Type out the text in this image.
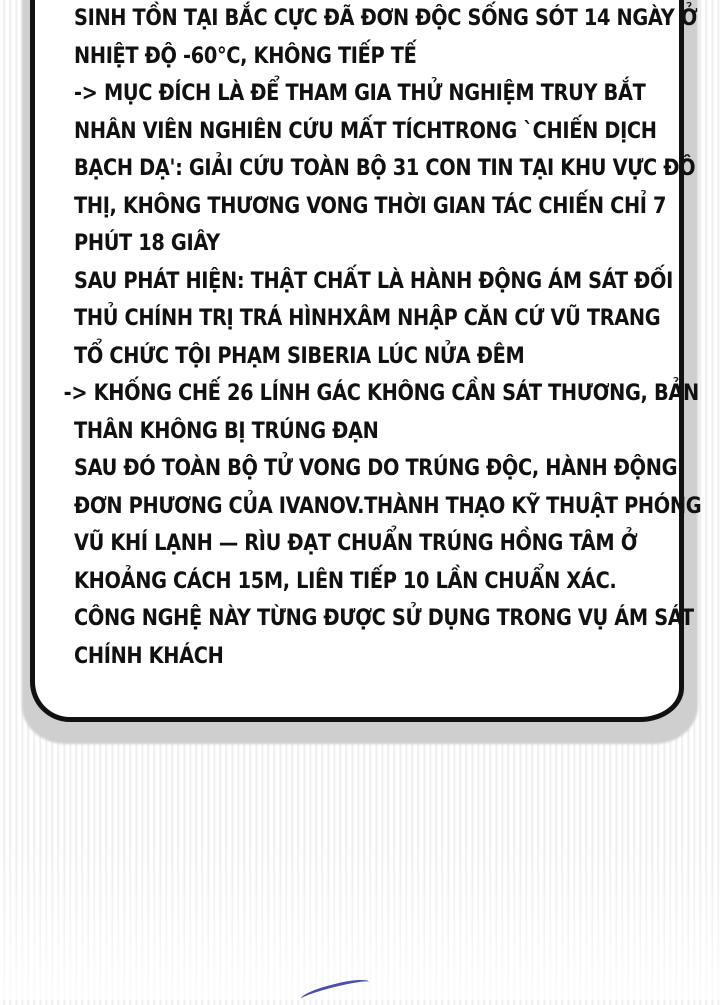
SINH TỒN TẠI BẮC CỰC ĐÃ ĐƠN ĐỘC SỐNG SÓT 14 NGÀY Ở
NHIỆT ĐỘ -60°C, KHÔNG TIẾP TẾ
-> MỤC ĐÍCH LÀ ĐỂ THAM GIA THỬ NGHIỆM TRUY BẮT
NHÂN VIÊN NGHIÊN CỨU MẤT TÍCHTRONG `CHIẾN DỊCH
BẠCH DẠ': GIẢI CỨU TOÀN BỘ 31 CON TIN TẠI KHU VỰC ĐÔ
THỊ, KHÔNG THƯƠNG VONG THỜI GIAN TÁC CHIẾN CHỈ 7
PHÚT 18 GIÂY
SAU PHÁT HIỆN: THẬT CHẤT LÀ HÀNH ĐỘNG ÁM SÁT ĐỐI
THỦ CHÍNH TRỊ TRÁ HÌNHXÂM NHẬP CĂN CỨ VŨ TRANG
TỔ CHỨC TỘI PHẠM SIBERIA LÚC NỬA ĐÊM
-> KHỐNG CHẾ 26 LÍNH GÁC KHÔNG CẦN SÁT THƯƠNG, BẢN
THÂN KHÔNG BỊ TRÚNG ĐẠN
SAU ĐÓ TOÀN BỘ TỬ VONG DO TRÚNG ĐỘC, HÀNH ĐỘNG
ĐƠN PHƯƠNG CỦA IVANOV.THÀNH THẠO KỸ THUẬT PHÓNG
VŨ KHÍ LẠNH — RÌU ĐẠT CHUẨN TRÚNG HỒNG TÂM Ở
KHOẢNG CÁCH 15M, LIÊN TIẾP 10 LẦN CHUẨN XÁC.
CÔNG NGHỆ NÀY TỪNG ĐƯỢC SỬ DỤNG TRONG VỤ ÁM SÁT
CHÍNH KHÁCH
